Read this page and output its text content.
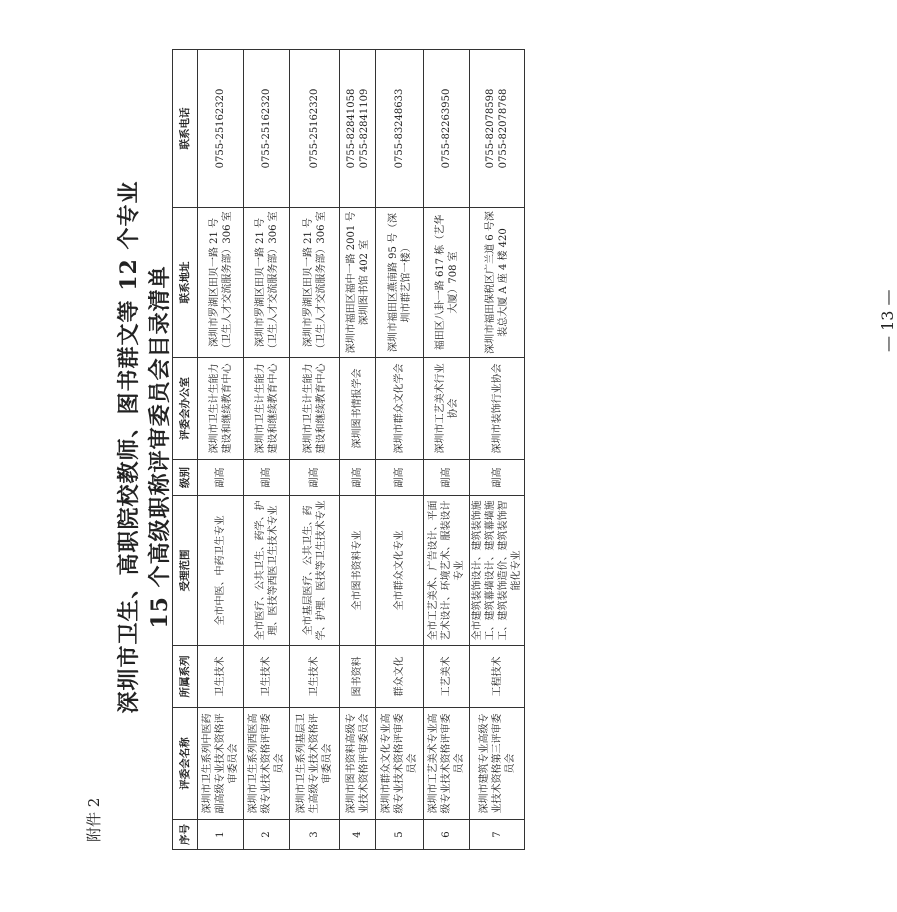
附件 2
深圳市卫生、高职院校教师、图书群文等 12 个专业 15 个高级职称评审委员会目录清单
序号	评委会名称	所属系列	受理范围	级别	评委会办公室	联系地址	联系电话
1	深圳市卫生系列中医药副高级专业技术资格评审委员会	卫生技术	全市中医、中药卫生专业	副高	深圳市卫生计生能力建设和继续教育中心	深圳市罗湖区田贝一路 21 号（卫生人才交流服务部）306 室	0755-25162320
2	深圳市卫生系列西医高级专业技术资格评审委员会	卫生技术	全市医疗、公共卫生、药学、护理、医技等西医卫生技术专业	副高	深圳市卫生计生能力建设和继续教育中心	深圳市罗湖区田贝一路 21 号（卫生人才交流服务部）306 室	0755-25162320
3	深圳市卫生系列基层卫生高级专业技术资格评审委员会	卫生技术	全市基层医疗、公共卫生、药学、护理、医技等卫生技术专业	副高	深圳市卫生计生能力建设和继续教育中心	深圳市罗湖区田贝一路 21 号（卫生人才交流服务部）306 室	0755-25162320
4	深圳市图书资料高级专业技术资格评审委员会	图书资料	全市图书资料专业	副高	深圳图书情报学会	深圳市福田区福中一路 2001 号深圳图书馆 402 室	0755-82841058
0755-82841109
5	深圳市群众文化专业高级专业技术资格评审委员会	群众文化	全市群众文化专业	副高	深圳市群众文化学会	深圳市福田区燕南路 95 号（深圳市群艺馆一楼）	0755-83248633
6	深圳市工艺美术专业高级专业技术资格评审委员会	工艺美术	全市工艺美术、广告设计、平面艺术设计、环境艺术、服装设计专业	副高	深圳市工艺美术行业协会	福田区八卦一路 617 栋（艺华大厦）708 室	0755-82263950
7	深圳市建筑专业高级专业技术资格第三评审委员会	工程技术	全市建筑装饰设计、建筑装饰施工、建筑幕墙设计、建筑幕墙施工、建筑装饰造价、建筑装饰智能化专业	副高	深圳市装饰行业协会	深圳市福田保税区广兰道 6 号深装总大厦 A 座 4 楼 420	0755-82078598
0755-82078768
— 13 —
